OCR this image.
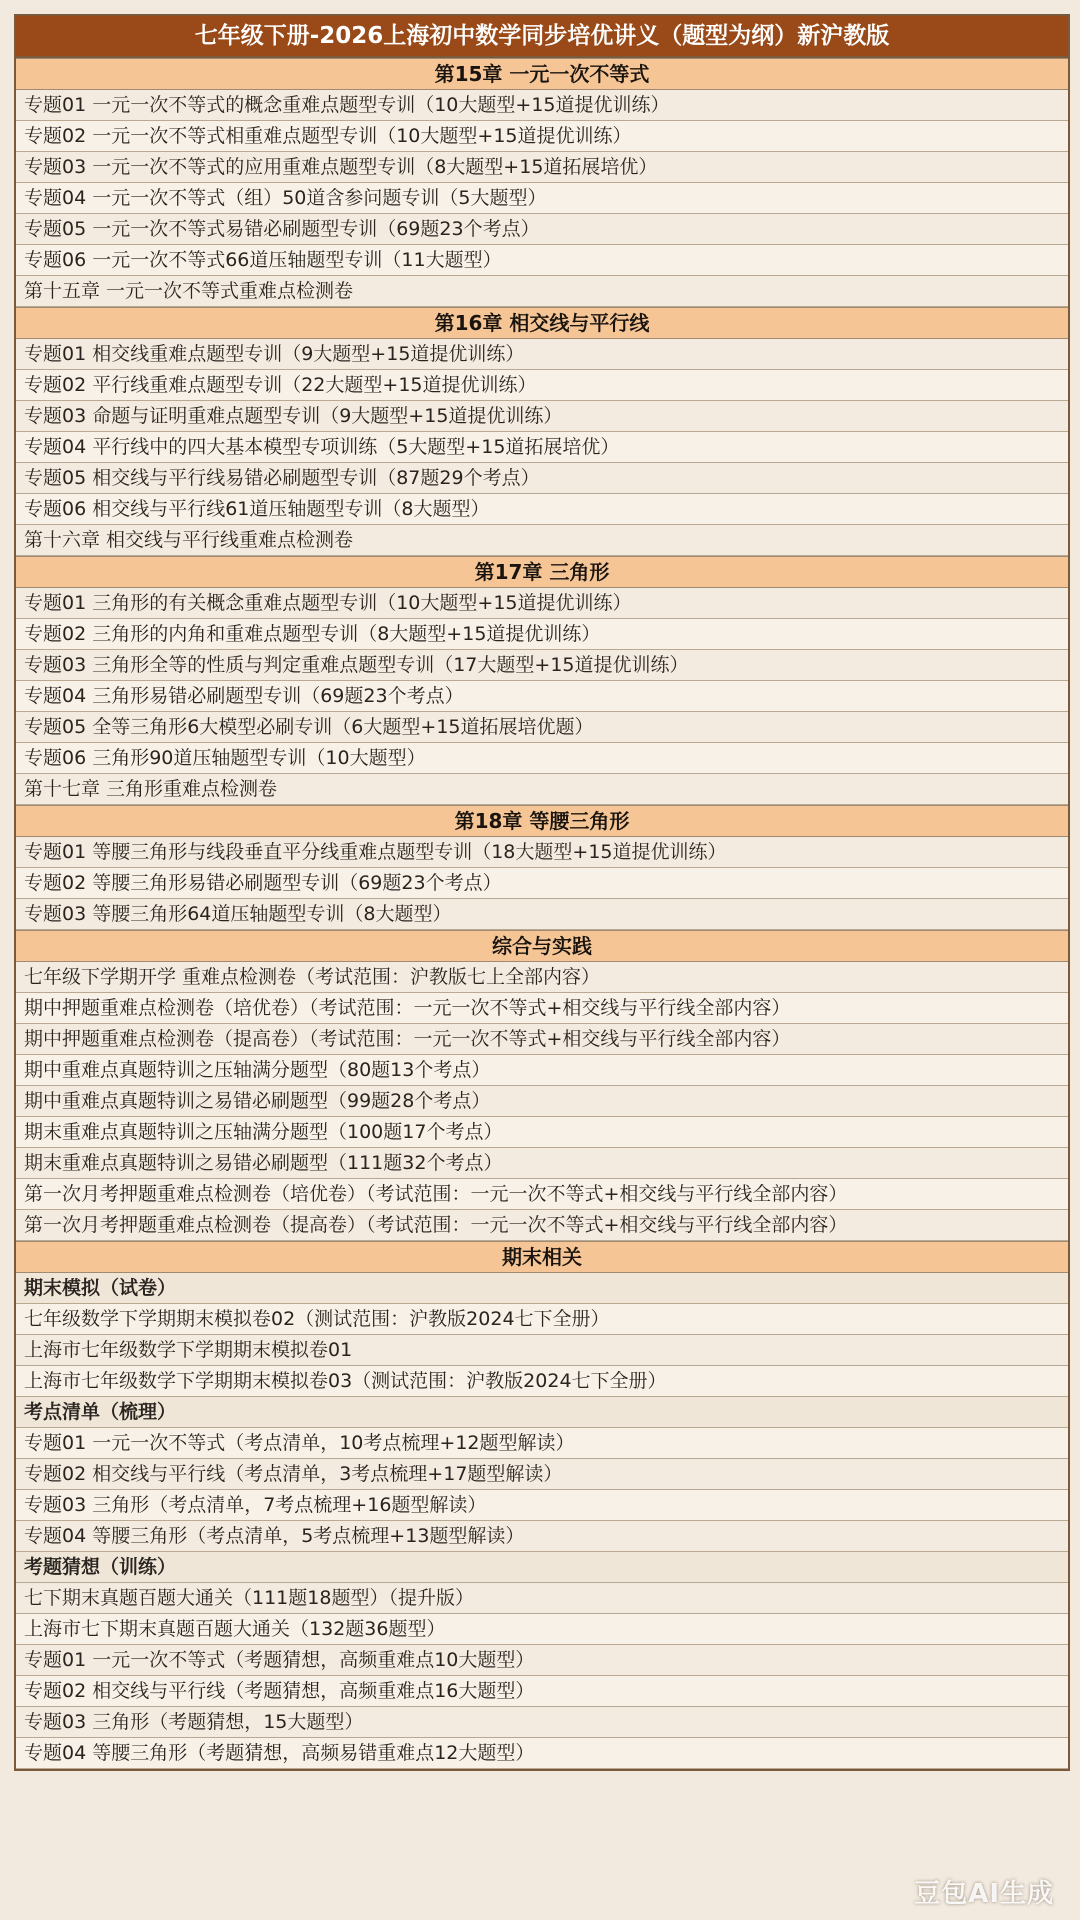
七年级下册-2026上海初中数学同步培优讲义（题型为纲）新沪教版
第15章 一元一次不等式
专题01 一元一次不等式的概念重难点题型专训（10大题型+15道提优训练）
专题02 一元一次不等式相重难点题型专训（10大题型+15道提优训练）
专题03 一元一次不等式的应用重难点题型专训（8大题型+15道拓展培优）
专题04 一元一次不等式（组）50道含参问题专训（5大题型）
专题05 一元一次不等式易错必刷题型专训（69题23个考点）
专题06 一元一次不等式66道压轴题型专训（11大题型）
第十五章 一元一次不等式重难点检测卷
第16章 相交线与平行线
专题01 相交线重难点题型专训（9大题型+15道提优训练）
专题02 平行线重难点题型专训（22大题型+15道提优训练）
专题03 命题与证明重难点题型专训（9大题型+15道提优训练）
专题04 平行线中的四大基本模型专项训练（5大题型+15道拓展培优）
专题05 相交线与平行线易错必刷题型专训（87题29个考点）
专题06 相交线与平行线61道压轴题型专训（8大题型）
第十六章 相交线与平行线重难点检测卷
第17章 三角形
专题01 三角形的有关概念重难点题型专训（10大题型+15道提优训练）
专题02 三角形的内角和重难点题型专训（8大题型+15道提优训练）
专题03 三角形全等的性质与判定重难点题型专训（17大题型+15道提优训练）
专题04 三角形易错必刷题型专训（69题23个考点）
专题05 全等三角形6大模型必刷专训（6大题型+15道拓展培优题）
专题06 三角形90道压轴题型专训（10大题型）
第十七章 三角形重难点检测卷
第18章 等腰三角形
专题01 等腰三角形与线段垂直平分线重难点题型专训（18大题型+15道提优训练）
专题02 等腰三角形易错必刷题型专训（69题23个考点）
专题03 等腰三角形64道压轴题型专训（8大题型）
综合与实践
七年级下学期开学 重难点检测卷（考试范围：沪教版七上全部内容）
期中押题重难点检测卷（培优卷）（考试范围：一元一次不等式+相交线与平行线全部内容）
期中押题重难点检测卷（提高卷）（考试范围：一元一次不等式+相交线与平行线全部内容）
期中重难点真题特训之压轴满分题型（80题13个考点）
期中重难点真题特训之易错必刷题型（99题28个考点）
期末重难点真题特训之压轴满分题型（100题17个考点）
期末重难点真题特训之易错必刷题型（111题32个考点）
第一次月考押题重难点检测卷（培优卷）（考试范围：一元一次不等式+相交线与平行线全部内容）
第一次月考押题重难点检测卷（提高卷）（考试范围：一元一次不等式+相交线与平行线全部内容）
期末相关
期末模拟（试卷）
七年级数学下学期期末模拟卷02（测试范围：沪教版2024七下全册）
上海市七年级数学下学期期末模拟卷01
上海市七年级数学下学期期末模拟卷03（测试范围：沪教版2024七下全册）
考点清单（梳理）
专题01 一元一次不等式（考点清单，10考点梳理+12题型解读）
专题02 相交线与平行线（考点清单，3考点梳理+17题型解读）
专题03 三角形（考点清单，7考点梳理+16题型解读）
专题04 等腰三角形（考点清单，5考点梳理+13题型解读）
考题猜想（训练）
七下期末真题百题大通关（111题18题型）（提升版）
上海市七下期末真题百题大通关（132题36题型）
专题01 一元一次不等式（考题猜想，高频重难点10大题型）
专题02 相交线与平行线（考题猜想，高频重难点16大题型）
专题03 三角形（考题猜想，15大题型）
专题04 等腰三角形（考题猜想，高频易错重难点12大题型）
豆包AI生成
